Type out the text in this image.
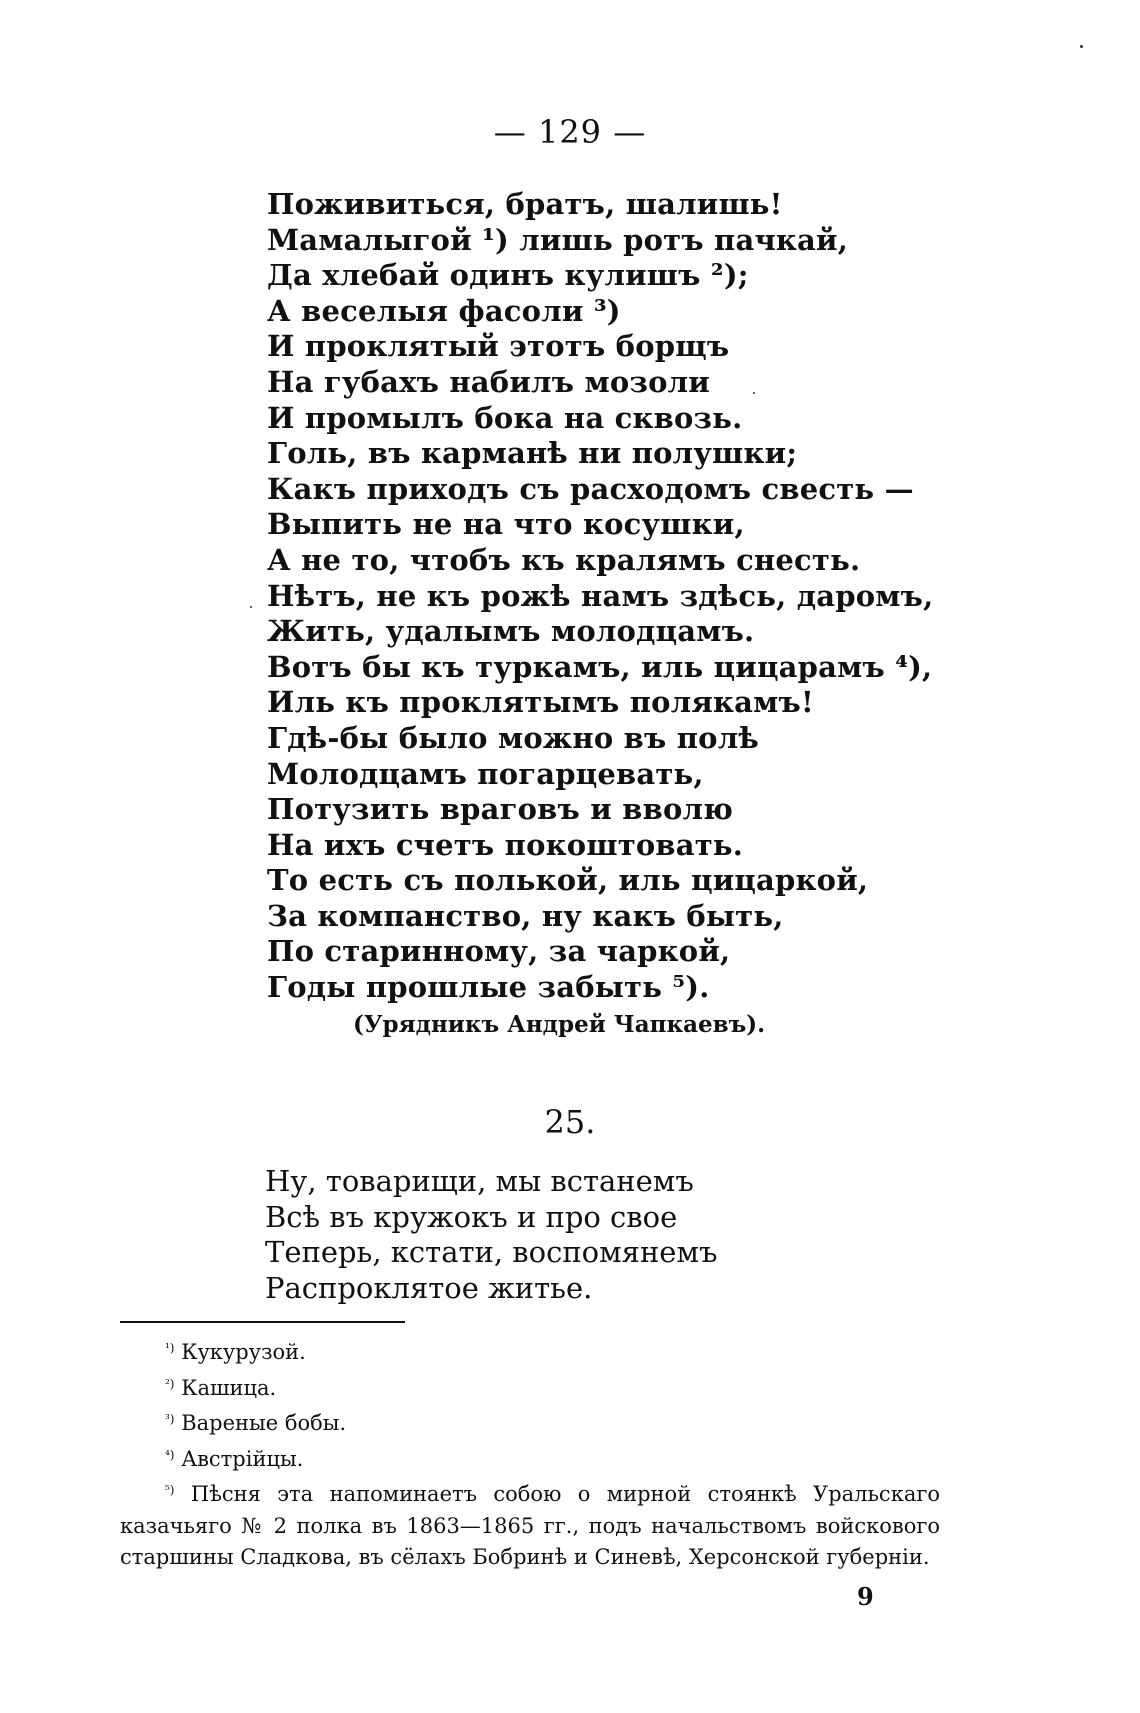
— 129 —
Поживиться, братъ, шалишь!
Мамалыгой ¹) лишь ротъ пачкай,
Да хлебай одинъ кулишъ ²);
А веселыя фасоли ³)
И проклятый этотъ борщъ
На губахъ набилъ мозоли
И промылъ бока на сквозь.
Голь, въ карманѣ ни полушки;
Какъ приходъ съ расходомъ свесть —
Выпить не на что косушки,
А не то, чтобъ къ кралямъ снесть.
Нѣтъ, не къ рожѣ намъ здѣсь, даромъ,
Жить, удалымъ молодцамъ.
Вотъ бы къ туркамъ, иль цицарамъ ⁴),
Иль къ проклятымъ полякамъ!
Гдѣ-бы было можно въ полѣ
Молодцамъ погарцевать,
Потузить враговъ и вволю
На ихъ счетъ покоштовать.
То есть съ полькой, иль цицаркой,
За компанство, ну какъ быть,
По старинному, за чаркой,
Годы прошлые забыть ⁵).
(Урядникъ Андрей Чапкаевъ).
25.
Ну, товарищи, мы встанемъ
Всѣ въ кружокъ и про свое
Теперь, кстати, воспомянемъ
Распроклятое житье.
$^{^1)}$ Кукурузой.
$^{^2)}$ Кашица.
$^{^3)}$ Вареные бобы.
$^{^4)}$ Австрійцы.
$^{^5)}$ Пѣсня эта напоминаетъ собою о мирной стоянкѣ Уральскаго казачьяго № 2 полка въ 1863—1865 гг., подъ начальствомъ войскового старшины Сладкова, въ сёлахъ Бобринѣ и Синевѣ, Херсонской губерніи.
9
